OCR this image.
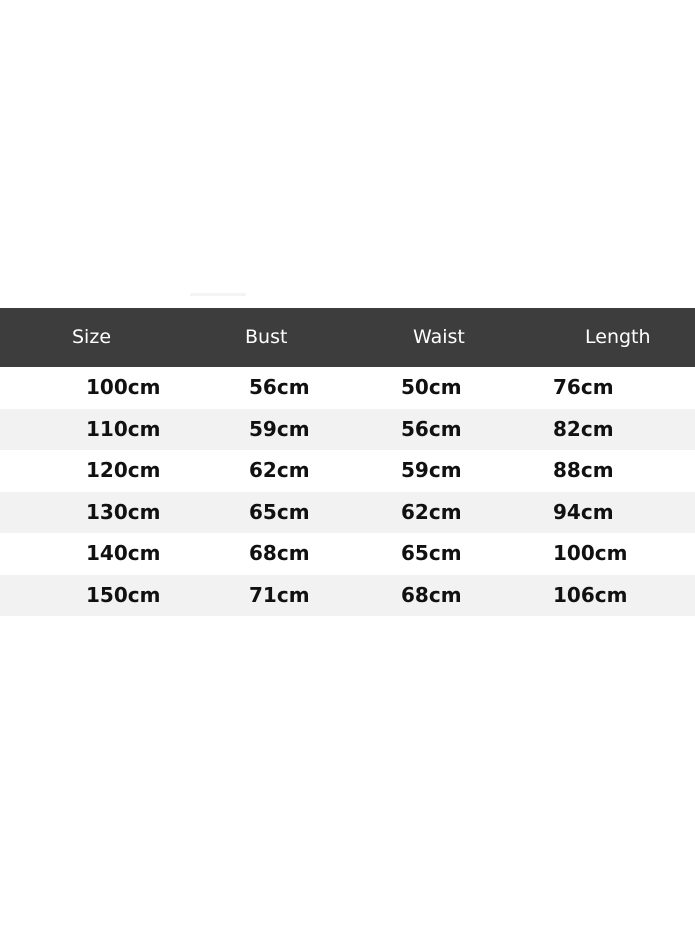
Size	Bust	Waist	Length
100cm	56cm	50cm	76cm
110cm	59cm	56cm	82cm
120cm	62cm	59cm	88cm
130cm	65cm	62cm	94cm
140cm	68cm	65cm	100cm
150cm	71cm	68cm	106cm
